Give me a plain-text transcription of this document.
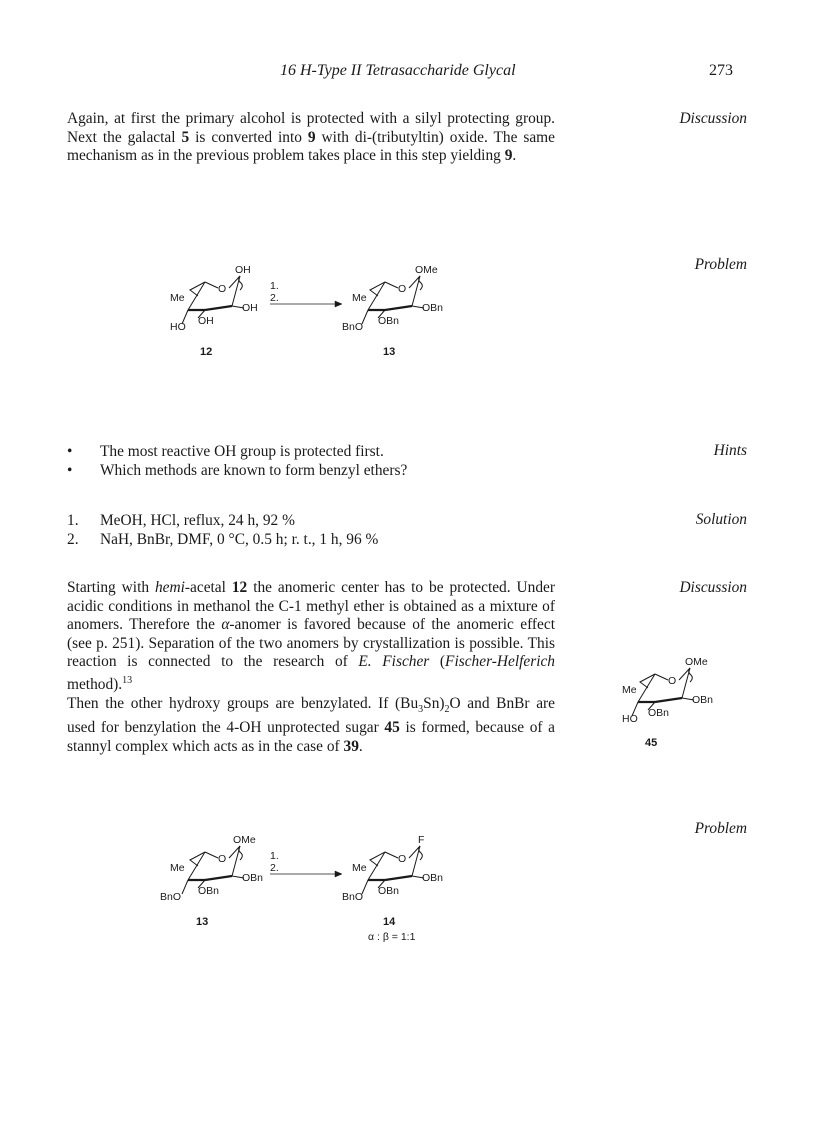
16 H-Type II Tetrasaccharide Glycal	273

Again, at first the primary alcohol is protected with a silyl protecting group. Next the galactal 5 is converted into 9 with di-(tributyltin) oxide. The same mechanism as in the previous problem takes place in this step yielding 9.

Discussion
Problem
Me
O
OH
OH
OH
HO
12
1.
2.	Me
O
OMe
OBn
OBn
BnO
13
Hints
•	The most reactive OH group is protected first.
•	Which methods are known to form benzyl ethers?
Solution
1.	MeOH, HCl, reflux, 24 h, 92 %
2.	NaH, BnBr, DMF, 0 °C, 0.5 h; r. t., 1 h, 96 %
Discussion

Starting with hemi-acetal 12 the anomeric center has to be protected. Under acidic conditions in methanol the C-1 methyl ether is obtained as a mixture of anomers. Therefore the α-anomer is favored because of the anomeric effect (see p. 251). Separation of the two anomers by crystallization is possible. This reaction is connected to the research of E. Fischer (Fischer-Helferich method).$^{13}$

Then the other hydroxy groups are benzylated. If $(Bu_3Sn)_2O$ and BnBr are used for benzylation the 4-OH unprotected sugar 45 is formed, because of a stannyl complex which acts as in the case of 39.

Me
O
OMe
OBn
OBn
HO
45
Problem
Me
O
OMe
OBn
OBn
BnO
13
1.
2.	Me
O
F
OBn
OBn
BnO
14
α : β = 1:1
